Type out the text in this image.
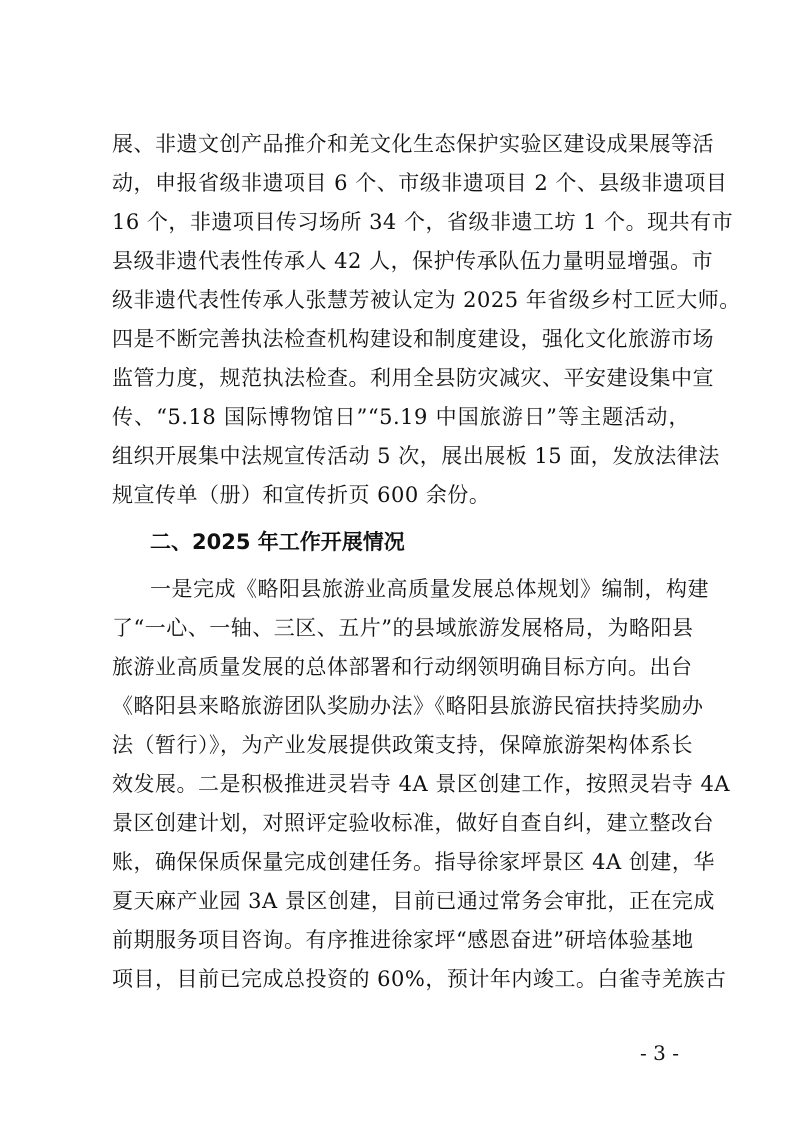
展、非遗文创产品推介和羌文化生态保护实验区建设成果展等活
动，申报省级非遗项目 6 个、市级非遗项目 2 个、县级非遗项目
16 个，非遗项目传习场所 34 个，省级非遗工坊 1 个。现共有市
县级非遗代表性传承人 42 人，保护传承队伍力量明显增强。市
级非遗代表性传承人张慧芳被认定为 2025 年省级乡村工匠大师。
四是不断完善执法检查机构建设和制度建设，强化文化旅游市场
监管力度，规范执法检查。利用全县防灾减灾、平安建设集中宣
传、“5.18 国际博物馆日”“5.19 中国旅游日”等主题活动，
组织开展集中法规宣传活动 5 次，展出展板 15 面，发放法律法
规宣传单（册）和宣传折页 600 余份。
二、2025 年工作开展情况
一是完成《略阳县旅游业高质量发展总体规划》编制，构建
了“一心、一轴、三区、五片”的县域旅游发展格局，为略阳县
旅游业高质量发展的总体部署和行动纲领明确目标方向。出台
《略阳县来略旅游团队奖励办法》《略阳县旅游民宿扶持奖励办
法（暂行）》，为产业发展提供政策支持，保障旅游架构体系长
效发展。二是积极推进灵岩寺 4A 景区创建工作，按照灵岩寺 4A
景区创建计划，对照评定验收标准，做好自查自纠，建立整改台
账，确保保质保量完成创建任务。指导徐家坪景区 4A 创建，华
夏天麻产业园 3A 景区创建，目前已通过常务会审批，正在完成
前期服务项目咨询。有序推进徐家坪“感恩奋进”研培体验基地
项目，目前已完成总投资的 60%，预计年内竣工。白雀寺羌族古
- 3 -
